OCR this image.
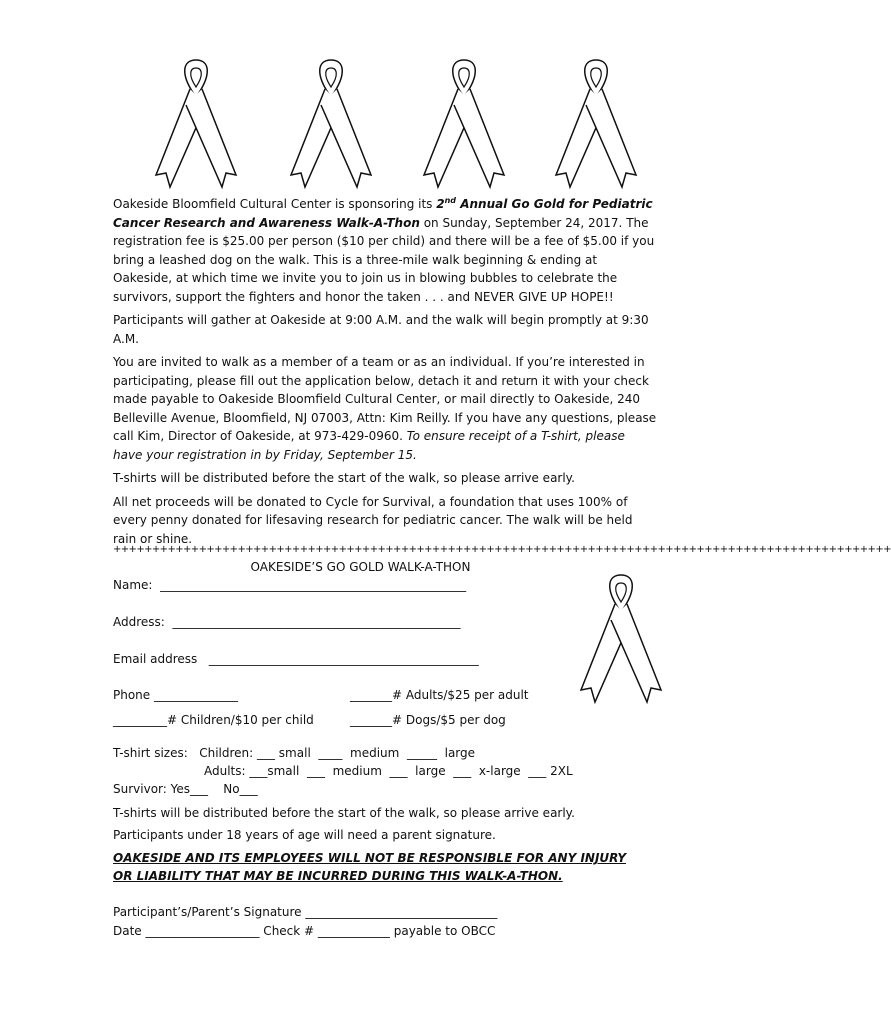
Oakeside Bloomfield Cultural Center is sponsoring its 2nd Annual Go Gold for Pediatric Cancer Research and Awareness Walk-A-Thon on Sunday, September 24, 2017. The registration fee is $25.00 per person ($10 per child) and there will be a fee of $5.00 if you bring a leashed dog on the walk. This is a three-mile walk beginning & ending at Oakeside, at which time we invite you to join us in blowing bubbles to celebrate the survivors, support the fighters and honor the taken . . . and NEVER GIVE UP HOPE!!

Participants will gather at Oakeside at 9:00 A.M. and the walk will begin promptly at 9:30 A.M.

You are invited to walk as a member of a team or as an individual. If you’re interested in participating, please fill out the application below, detach it and return it with your check made payable to Oakeside Bloomfield Cultural Center, or mail directly to Oakeside, 240 Belleville Avenue, Bloomfield, NJ 07003, Attn: Kim Reilly. If you have any questions, please call Kim, Director of Oakeside, at 973-429-0960. To ensure receipt of a T-shirt, please have your registration in by Friday, September 15.

T-shirts will be distributed before the start of the walk, so please arrive early.

All net proceeds will be donated to Cycle for Survival, a foundation that uses 100% of every penny donated for lifesaving research for pediatric cancer. The walk will be held rain or shine.

++++++++++++++++++++++++++++++++++++++++++++++++++++++++++++++++++++++++++++++++++++++++++++++++++++
OAKESIDE’S GO GOLD WALK-A-THON
Name:  ___________________________________________________
Address:  ________________________________________________
Email address   _____________________________________________
Phone ______________	_______# Adults/$25 per adult
_________# Children/$10 per child	_______# Dogs/$5 per dog
T-shirt sizes:   Children: ___ small  ____  medium  _____  large
Adults: ___small  ___  medium  ___  large  ___  x-large  ___ 2XL
Survivor: Yes___    No___
T-shirts will be distributed before the start of the walk, so please arrive early.
Participants under 18 years of age will need a parent signature.
OAKESIDE AND ITS EMPLOYEES WILL NOT BE RESPONSIBLE FOR ANY INJURY
OR LIABILITY THAT MAY BE INCURRED DURING THIS WALK-A-THON.
Participant’s/Parent’s Signature ________________________________
Date ___________________ Check # ____________ payable to OBCC
